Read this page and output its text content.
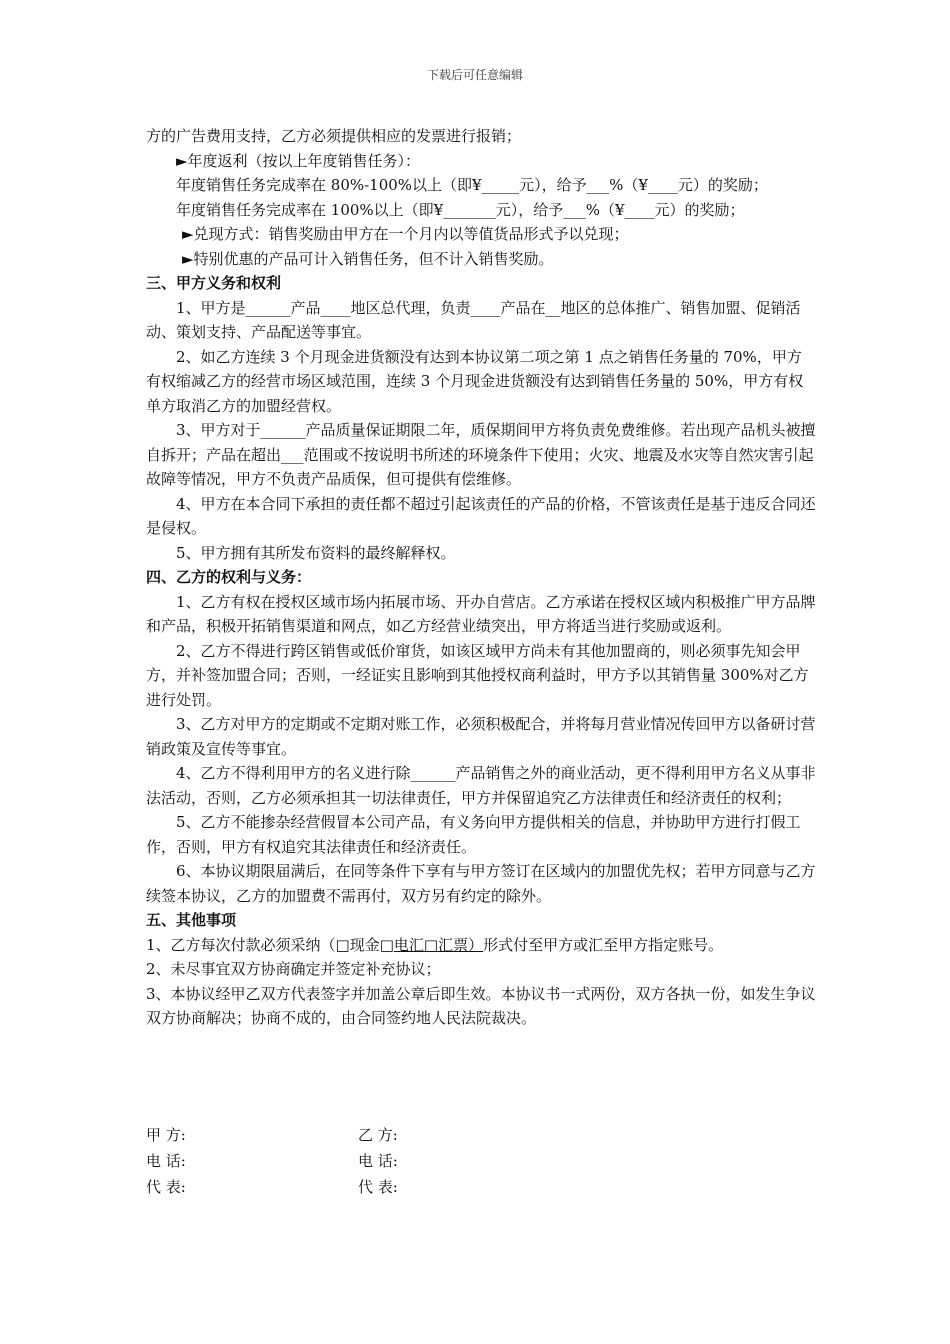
下载后可任意编辑

方的广告费用支持，乙方必须提供相应的发票进行报销；

►年度返利（按以上年度销售任务）：

年度销售任务完成率在 80%-100%以上（即¥_____元），给予___%（¥____元）的奖励；

年度销售任务完成率在 100%以上（即¥_______元），给予___%（¥____元）的奖励；

►兑现方式：销售奖励由甲方在一个月内以等值货品形式予以兑现；

►特别优惠的产品可计入销售任务，但不计入销售奖励。

三、甲方义务和权利

1、甲方是______产品____地区总代理，负责____产品在__地区的总体推广、销售加盟、促销活动、策划支持、产品配送等事宜。

2、如乙方连续 3 个月现金进货额没有达到本协议第二项之第 1 点之销售任务量的 70%，甲方有权缩减乙方的经营市场区域范围，连续 3 个月现金进货额没有达到销售任务量的 50%，甲方有权单方取消乙方的加盟经营权。

3、甲方对于______产品质量保证期限二年，质保期间甲方将负责免费维修。若出现产品机头被擅自拆开；产品在超出___范围或不按说明书所述的环境条件下使用；火灾、地震及水灾等自然灾害引起故障等情况，甲方不负责产品质保，但可提供有偿维修。

4、甲方在本合同下承担的责任都不超过引起该责任的产品的价格，不管该责任是基于违反合同还是侵权。

5、甲方拥有其所发布资料的最终解释权。

四、乙方的权利与义务：

1、乙方有权在授权区域市场内拓展市场、开办自营店。乙方承诺在授权区域内积极推广甲方品牌和产品，积极开拓销售渠道和网点，如乙方经营业绩突出，甲方将适当进行奖励或返利。

2、乙方不得进行跨区销售或低价窜货，如该区域甲方尚未有其他加盟商的，则必须事先知会甲方，并补签加盟合同；否则，一经证实且影响到其他授权商利益时，甲方予以其销售量 300%对乙方进行处罚。

3、乙方对甲方的定期或不定期对账工作，必须积极配合，并将每月营业情况传回甲方以备研讨营销政策及宣传等事宜。

4、乙方不得利用甲方的名义进行除______产品销售之外的商业活动，更不得利用甲方名义从事非法活动，否则，乙方必须承担其一切法律责任，甲方并保留追究乙方法律责任和经济责任的权利；

5、乙方不能掺杂经营假冒本公司产品，有义务向甲方提供相关的信息，并协助甲方进行打假工作，否则，甲方有权追究其法律责任和经济责任。

6、本协议期限届满后，在同等条件下享有与甲方签订在区域内的加盟优先权；若甲方同意与乙方续签本协议，乙方的加盟费不需再付，双方另有约定的除外。

五、其他事项

1、乙方每次付款必须采纳（□现金□电汇□汇票）形式付至甲方或汇至甲方指定账号。

2、未尽事宜双方协商确定并签定补充协议；

3、本协议经甲乙双方代表签字并加盖公章后即生效。本协议书一式两份，双方各执一份，如发生争议双方协商解决；协商不成的，由合同签约地人民法院裁决。

甲 方:	乙 方:
电 话:	电 话:
代 表:	代 表:
